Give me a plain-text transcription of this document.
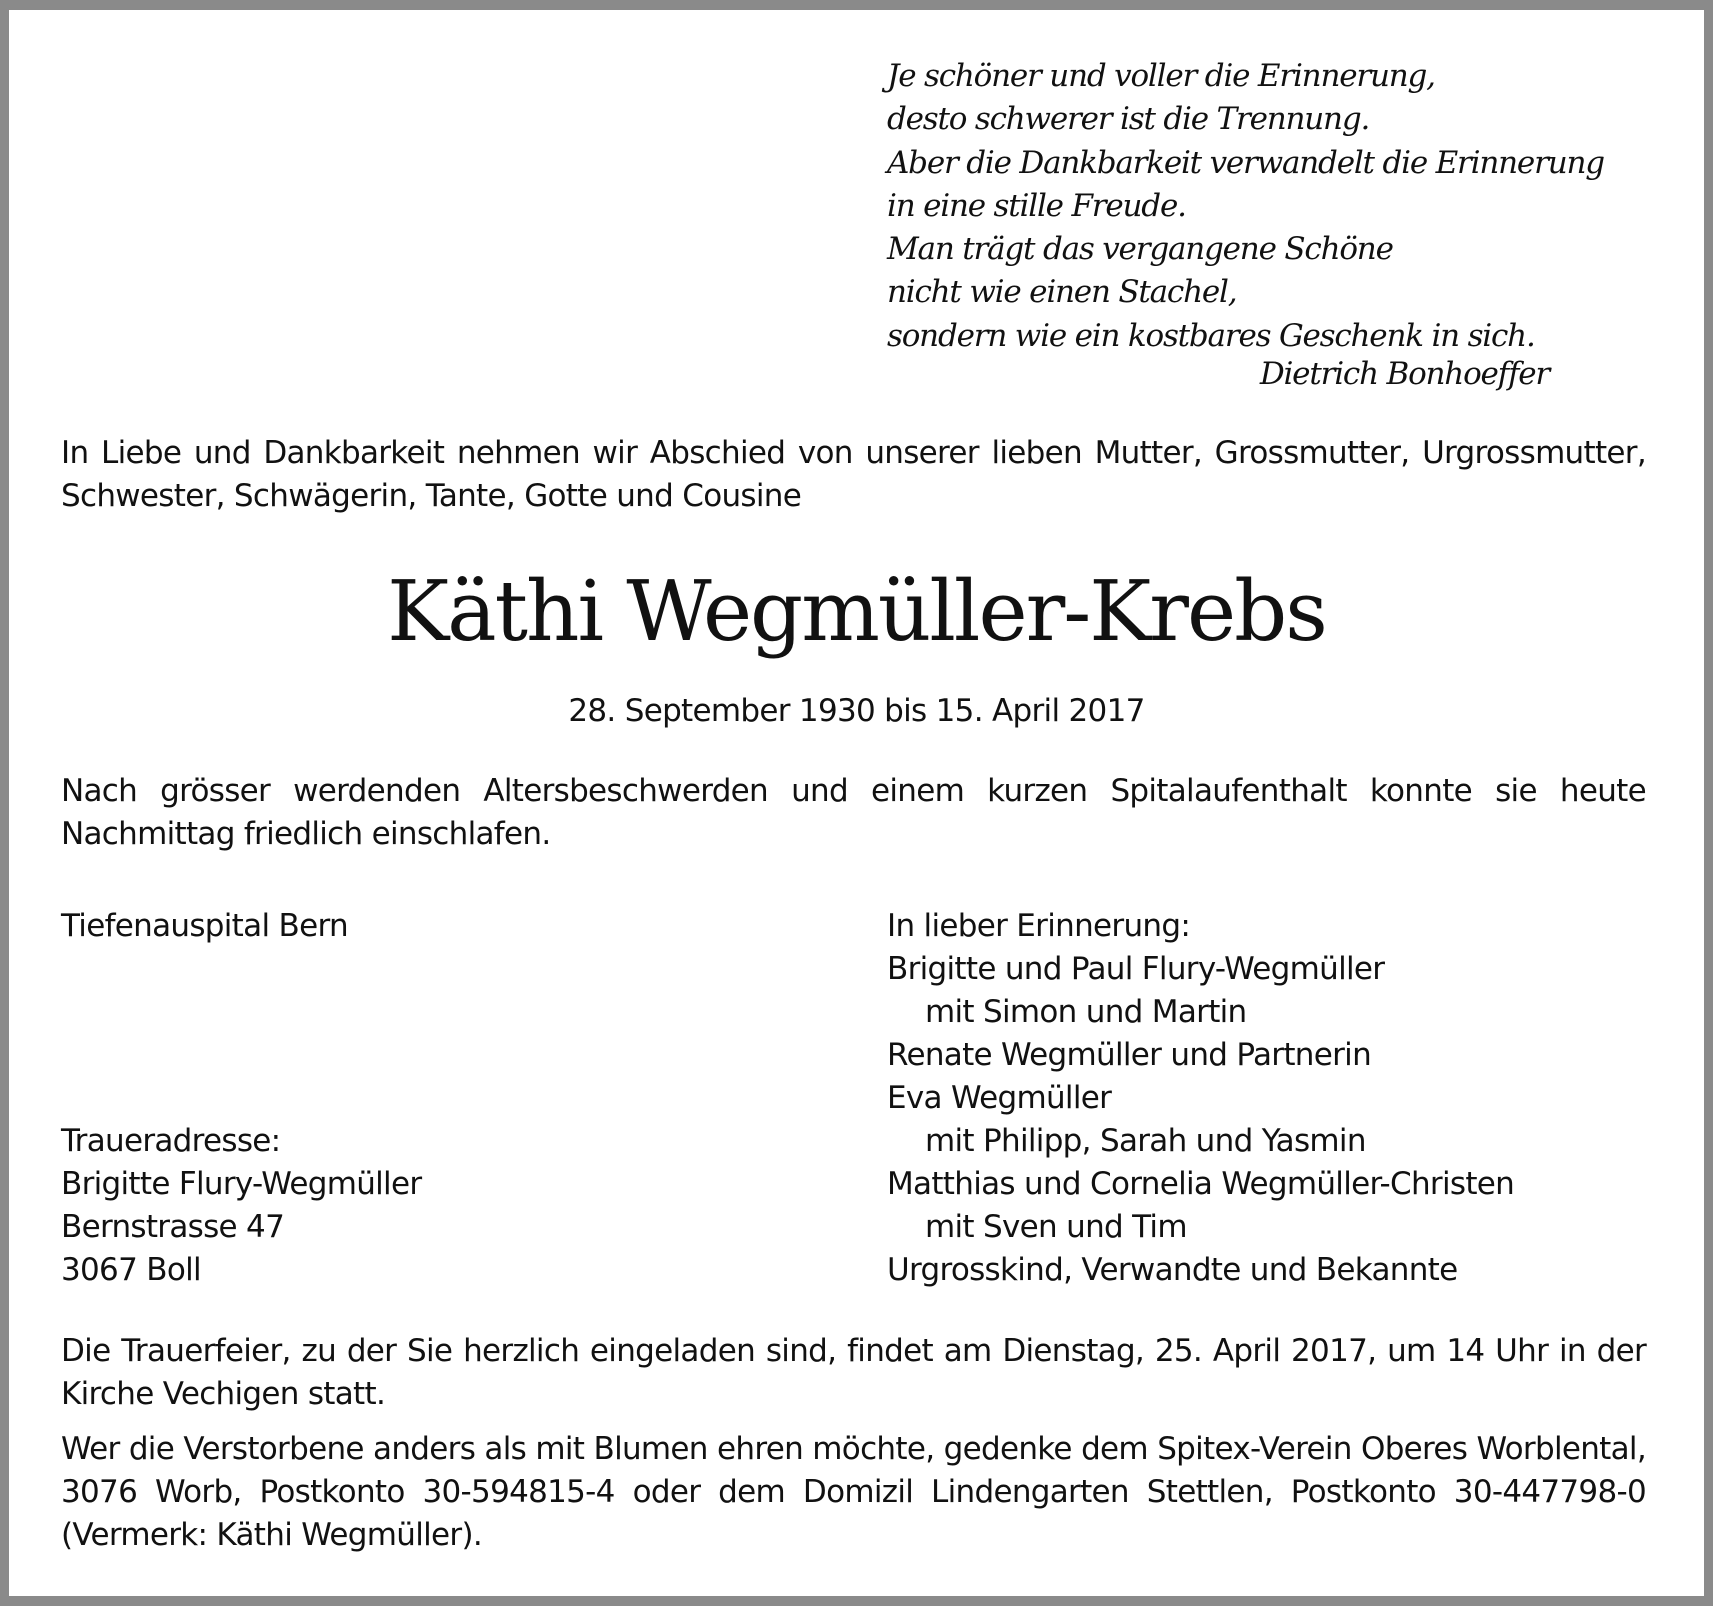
Je schöner und voller die Erinnerung,
desto schwerer ist die Trennung.
Aber die Dankbarkeit verwandelt die Erinnerung
in eine stille Freude.
Man trägt das vergangene Schöne
nicht wie einen Stachel,
sondern wie ein kostbares Geschenk in sich.
Dietrich Bonhoeffer
In Liebe und Dankbarkeit nehmen wir Abschied von unserer lieben Mutter, Grossmutter, Urgrossmutter, Schwester, Schwägerin, Tante, Gotte und Cousine
Käthi Wegmüller-Krebs
28. September 1930 bis 15. April 2017
Nach grösser werdenden Altersbeschwerden und einem kurzen Spitalaufenthalt konnte sie heute Nachmittag friedlich einschlafen.
Tiefenauspital Bern
Traueradresse:
Brigitte Flury-Wegmüller
Bernstrasse 47
3067 Boll
In lieber Erinnerung:
Brigitte und Paul Flury-Wegmüller
mit Simon und Martin
Renate Wegmüller und Partnerin
Eva Wegmüller
mit Philipp, Sarah und Yasmin
Matthias und Cornelia Wegmüller-Christen
mit Sven und Tim
Urgrosskind, Verwandte und Bekannte
Die Trauerfeier, zu der Sie herzlich eingeladen sind, findet am Dienstag, 25. April 2017, um 14 Uhr in der Kirche Vechigen statt.
Wer die Verstorbene anders als mit Blumen ehren möchte, gedenke dem Spitex-Verein Oberes Worblental, 3076 Worb, Postkonto 30-594815-4 oder dem Domizil Lindengarten Stettlen, Postkonto 30-447798-0 (Vermerk: Käthi Wegmüller).
